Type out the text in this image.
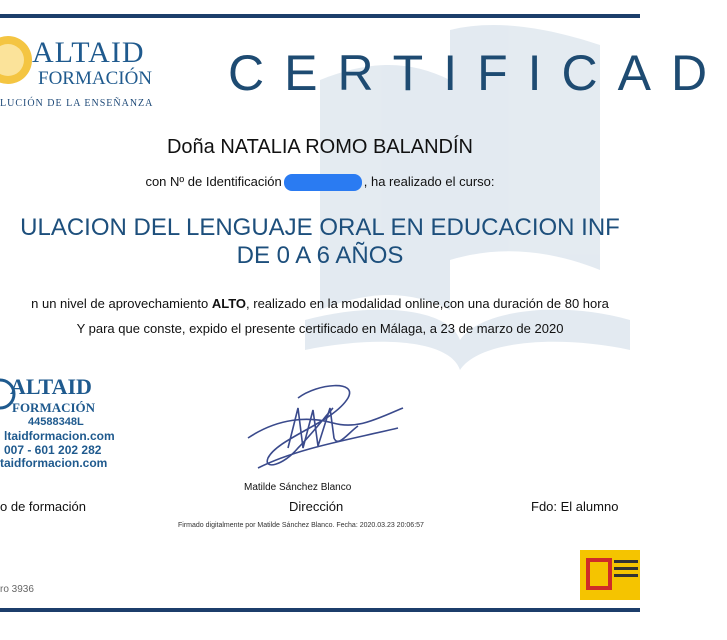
ALTAID
FORMACIÓN
LUCIÓN DE LA ENSEÑANZA
CERTIFICAD
Doña NATALIA ROMO BALANDÍN
con Nº de Identificación	, ha realizado el curso:
ULACION DEL LENGUAJE ORAL EN EDUCACION INF
DE 0 A 6 AÑOS
n un nivel de aprovechamiento ALTO, realizado en la modalidad online,con una duración de 80 hora
Y para que conste, expido el presente certificado en Málaga, a 23 de marzo de 2020
ALTAID
FORMACIÓN
44588348L
ltaidformacion.com
007 - 601 202 282
taidformacion.com
Matilde Sánchez Blanco
o de formación	Dirección	Fdo: El alumno
Firmado digitalmente por Matilde Sánchez Blanco. Fecha: 2020.03.23 20:06:57
ro 3936
